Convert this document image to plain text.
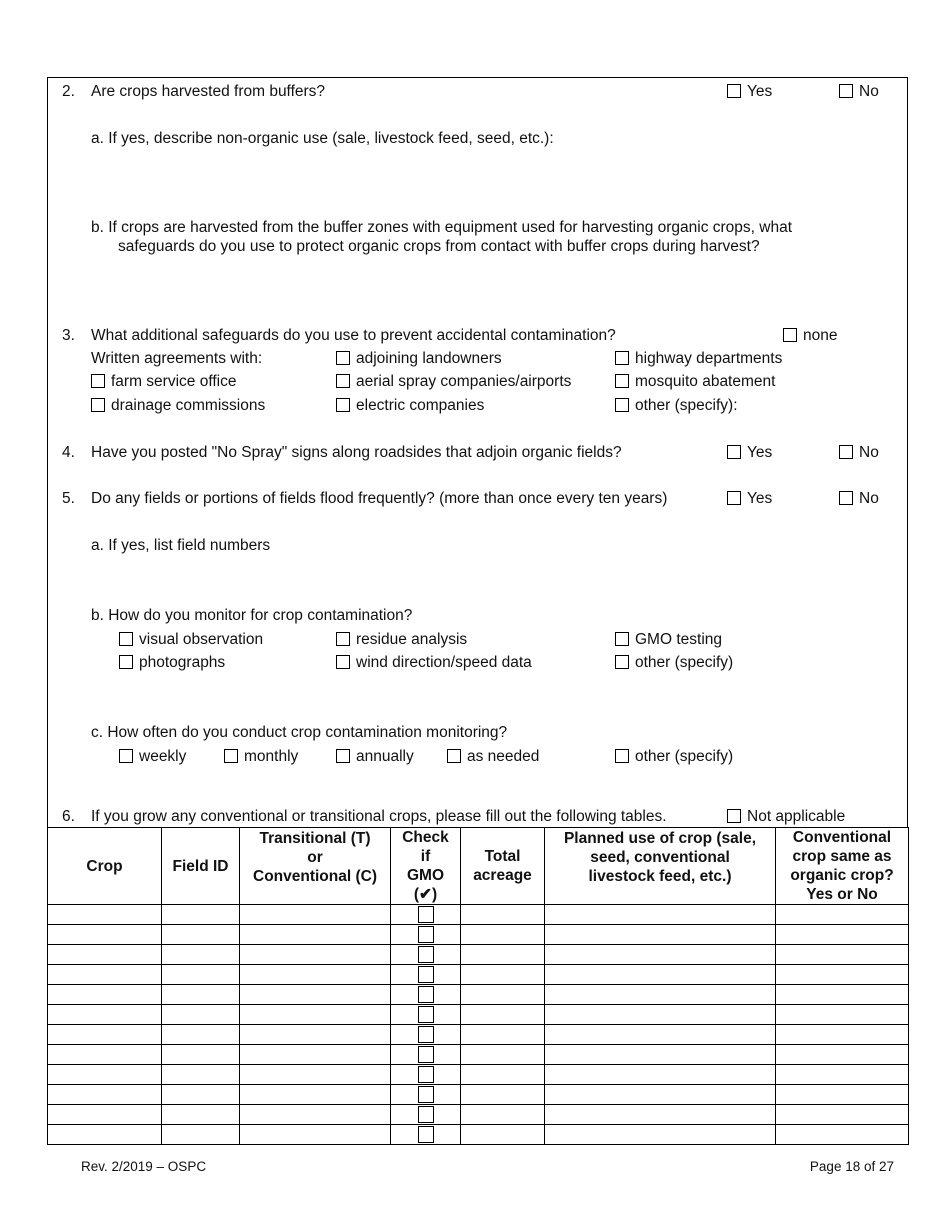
2. Are crops harvested from buffers?	Yes	No
a. If yes, describe non-organic use (sale, livestock feed, seed, etc.):
b. If crops are harvested from the buffer zones with equipment used for harvesting organic crops, what
safeguards do you use to protect organic crops from contact with buffer crops during harvest?
3. What additional safeguards do you use to prevent accidental contamination?	none
Written agreements with:	adjoining landowners	highway departments
farm service office	aerial spray companies/airports	mosquito abatement
drainage commissions	electric companies	other (specify):
4. Have you posted "No Spray" signs along roadsides that adjoin organic fields?	Yes	No
5. Do any fields or portions of fields flood frequently? (more than once every ten years)	Yes	No
a. If yes, list field numbers
b. How do you monitor for crop contamination?
visual observation	residue analysis	GMO testing
photographs	wind direction/speed data	other (specify)
c. How often do you conduct crop contamination monitoring?
weekly	monthly	annually	as needed	other (specify)
6. If you grow any conventional or transitional crops, please fill out the following tables.	Not applicable
Crop	Field ID	Transitional (T)
or
Conventional (C)	Check
if
GMO
(✔)	Total
acreage	Planned use of crop (sale,
seed, conventional
livestock feed, etc.)	Conventional
crop same as
organic crop?
Yes or No

Rev. 2/2019 – OSPC	Page 18 of 27
